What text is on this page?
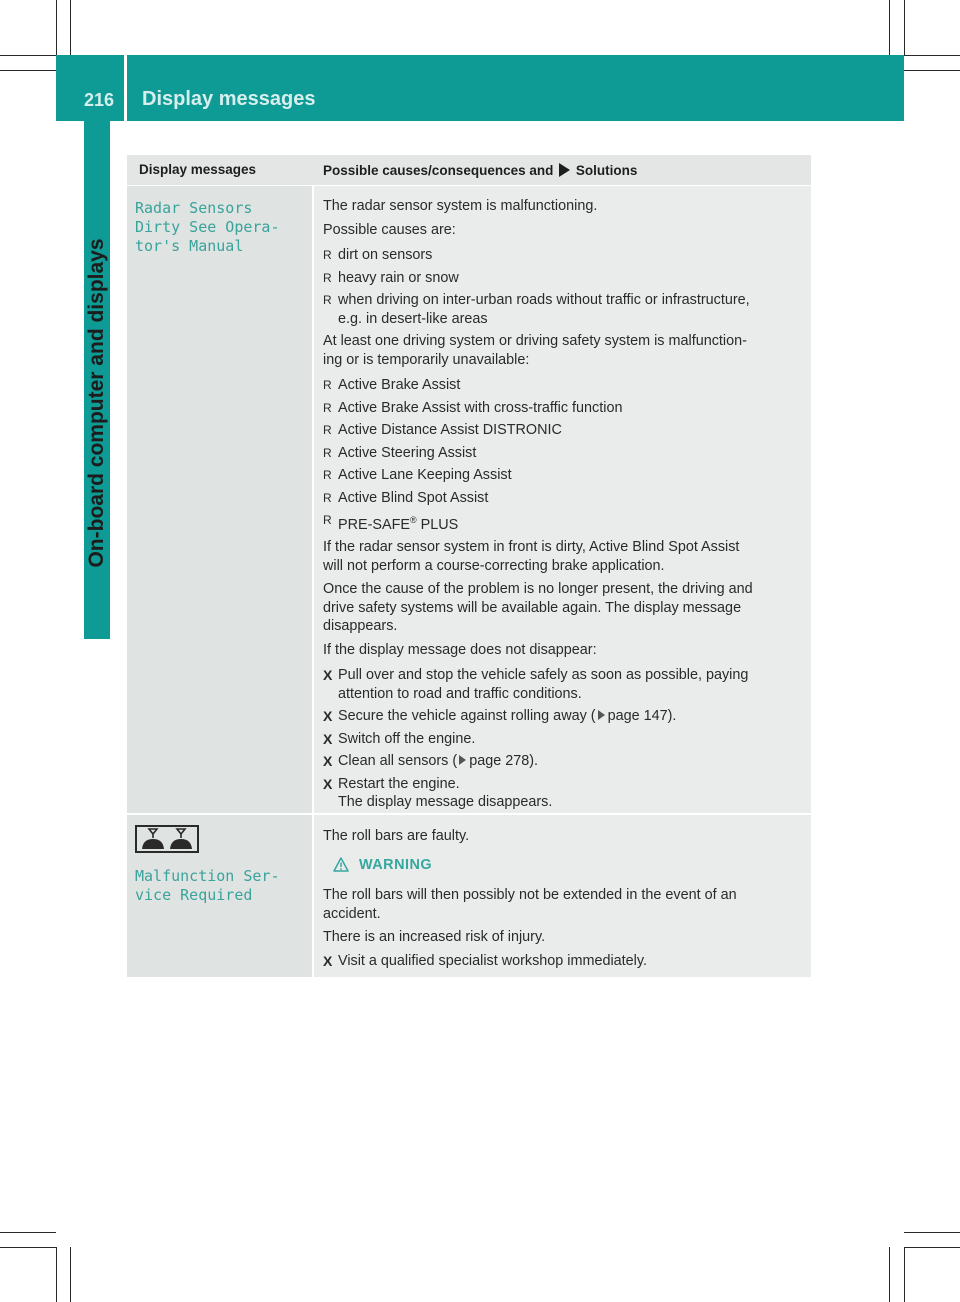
216 Display messages
On-board computer and displays
Display messages	Possible causes/consequences and Solutions
Radar Sensors
Dirty See Opera‐
tor's Manual

The radar sensor system is malfunctioning.

Possible causes are:

R dirt on sensors
R heavy rain or snow
R when driving on inter-urban roads without traffic or infrastructure,
e.g. in desert-like areas

At least one driving system or driving safety system is malfunction-
ing or is temporarily unavailable:

R Active Brake Assist
R Active Brake Assist with cross-traffic function
R Active Distance Assist DISTRONIC
R Active Steering Assist
R Active Lane Keeping Assist
R Active Blind Spot Assist
R PRE-SAFE® PLUS

If the radar sensor system in front is dirty, Active Blind Spot Assist
will not perform a course-correcting brake application.

Once the cause of the problem is no longer present, the driving and
drive safety systems will be available again. The display message
disappears.

If the display message does not disappear:

X Pull over and stop the vehicle safely as soon as possible, paying
attention to road and traffic conditions.
X Secure the vehicle against rolling away ( page 147).
X Switch off the engine.
X Clean all sensors ( page 278).
X Restart the engine.
The display message disappears.
Malfunction Ser‐
vice Required

The roll bars are faulty.

WARNING

The roll bars will then possibly not be extended in the event of an
accident.

There is an increased risk of injury.

X Visit a qualified specialist workshop immediately.
